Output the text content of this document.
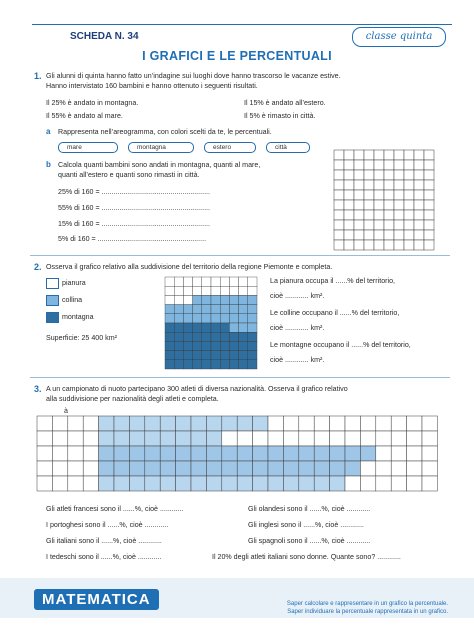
SCHEDA N. 34	classe quinta
I GRAFICI E LE PERCENTUALI
1. Gli alunni di quinta hanno fatto un’indagine sui luoghi dove hanno trascorso le vacanze estive.
Hanno intervistato 160 bambini e hanno ottenuto i seguenti risultati.
Il 25% è andato in montagna.	Il 15% è andato all’estero.
Il 55% è andato al mare.	Il 5% è rimasto in città.
a Rappresenta nell’areogramma, con colori scelti da te, le percentuali.
mare	montagna	estero	città
b Calcola quanti bambini sono andati in montagna, quanti al mare,
quanti all’estero e quanti sono rimasti in città.
25% di 160 = .......................................................
55% di 160 = .......................................................
15% di 160 = .......................................................
5% di 160 = .......................................................
2. Osserva il grafico relativo alla suddivisione del territorio della regione Piemonte e completa.
pianura
collina
montagna
Superficie: 25 400 km²
La pianura occupa il ......% del territorio,
cioè ............ km².
Le colline occupano il ......% del territorio,
cioè ............ km².
Le montagne occupano il ......% del territorio,
cioè ............ km².
3. A un campionato di nuoto partecipano 300 atleti di diversa nazionalità. Osserva il grafico relativo
alla suddivisione per nazionalità degli atleti e completa.
à
Gli atleti francesi sono il ......%, cioè ............	Gli olandesi sono il ......%, cioè ............
I portoghesi sono il ......%, cioè ............	Gli inglesi sono il ......%, cioè ............
Gli italiani sono il ......%, cioè ............	Gli spagnoli sono il ......%, cioè ............
I tedeschi sono il ......%, cioè ............	Il 20% degli atleti italiani sono donne. Quante sono? ............
MATEMATICA	Saper calcolare e rappresentare in un grafico la percentuale.
Saper individuare la percentuale rappresentata in un grafico.
